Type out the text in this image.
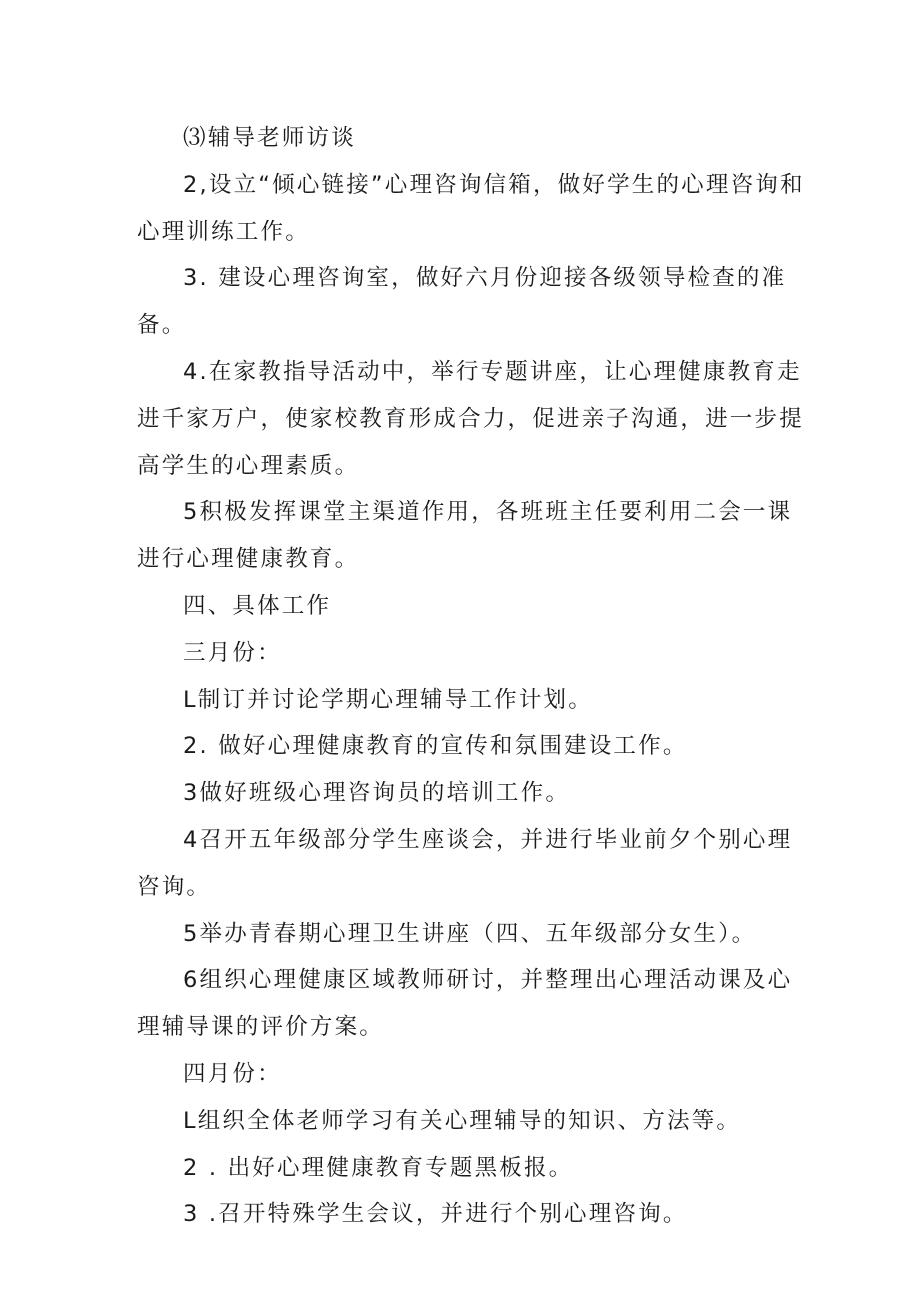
⑶辅导老师访谈

2,设立“倾心链接”心理咨询信箱，做好学生的心理咨询和心理训练工作。

3. 建设心理咨询室，做好六月份迎接各级领导检查的准备。

4.在家教指导活动中，举行专题讲座，让心理健康教育走进千家万户，使家校教育形成合力，促进亲子沟通，进一步提高学生的心理素质。

5积极发挥课堂主渠道作用，各班班主任要利用二会一课进行心理健康教育。

四、具体工作

三月份：

L制订并讨论学期心理辅导工作计划。

2. 做好心理健康教育的宣传和氛围建设工作。

3做好班级心理咨询员的培训工作。

4召开五年级部分学生座谈会，并进行毕业前夕个别心理咨询。

5举办青春期心理卫生讲座（四、五年级部分女生）。

6组织心理健康区域教师研讨，并整理出心理活动课及心理辅导课的评价方案。

四月份：

L组织全体老师学习有关心理辅导的知识、方法等。

2 . 出好心理健康教育专题黑板报。

3 .召开特殊学生会议，并进行个别心理咨询。
